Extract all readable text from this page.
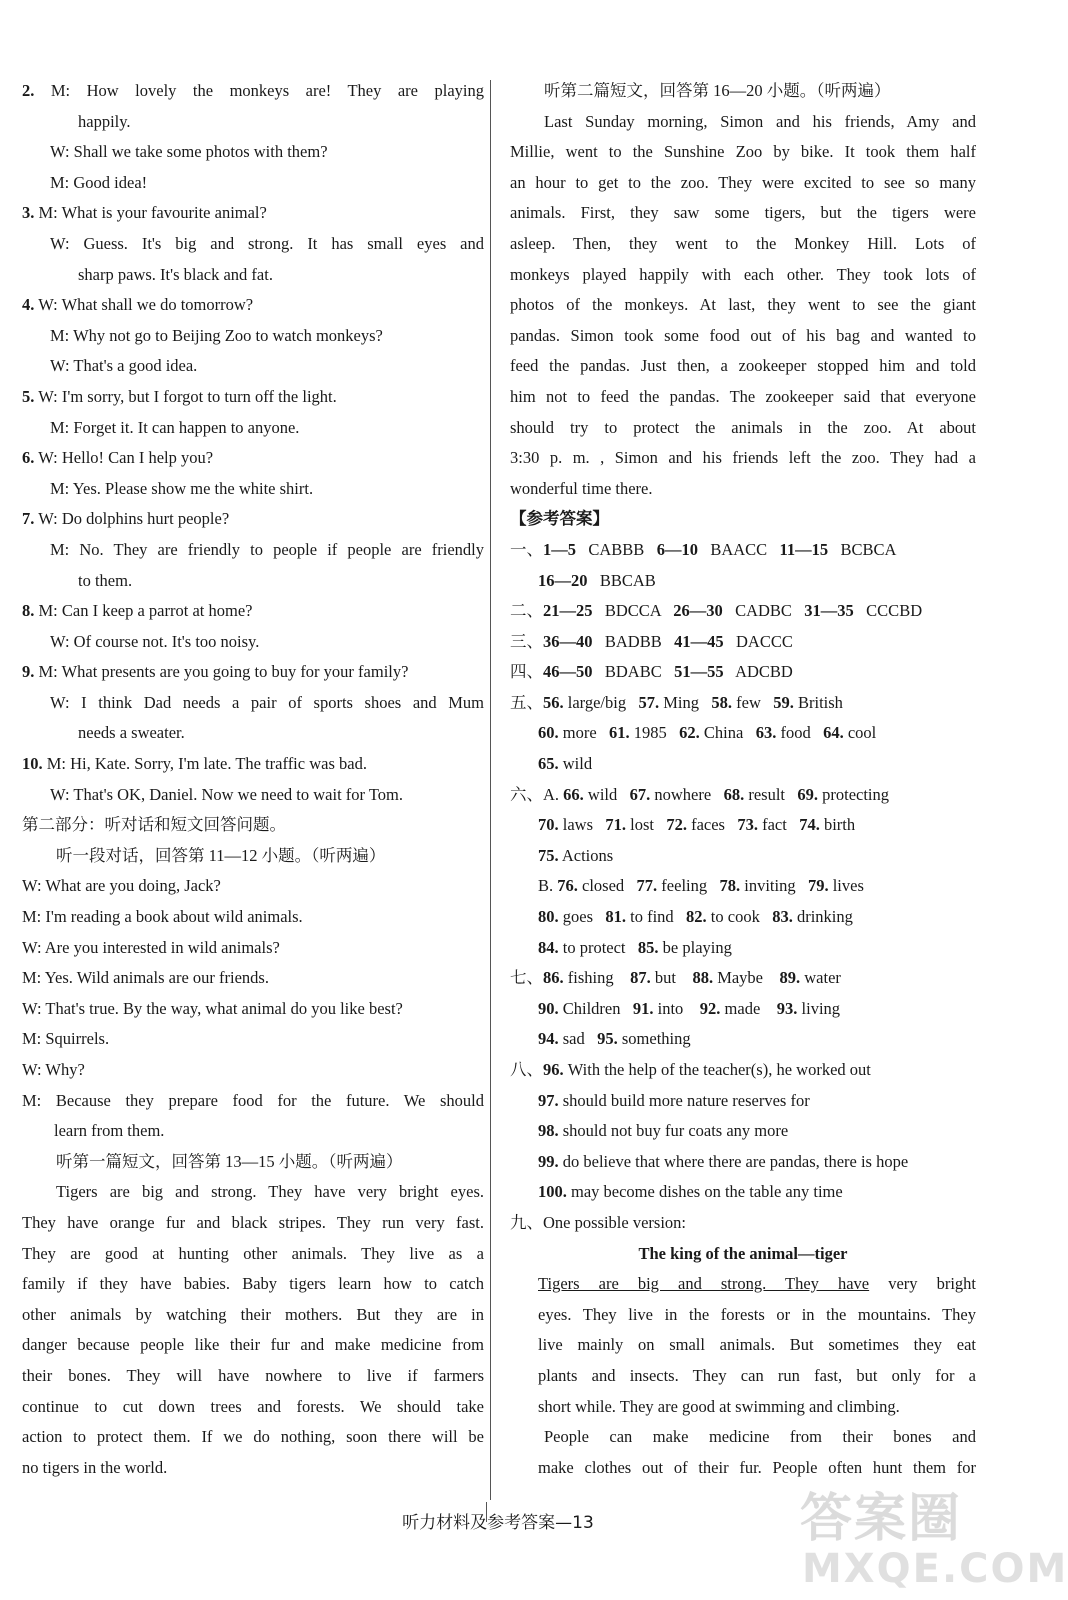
2. M: How lovely the monkeys are! They are playing
happily.
W: Shall we take some photos with them?
M: Good idea!
3. M: What is your favourite animal?
W: Guess. It's big and strong. It has small eyes and
sharp paws. It's black and fat.
4. W: What shall we do tomorrow?
M: Why not go to Beijing Zoo to watch monkeys?
W: That's a good idea.
5. W: I'm sorry, but I forgot to turn off the light.
M: Forget it. It can happen to anyone.
6. W: Hello! Can I help you?
M: Yes. Please show me the white shirt.
7. W: Do dolphins hurt people?
M: No. They are friendly to people if people are friendly
to them.
8. M: Can I keep a parrot at home?
W: Of course not. It's too noisy.
9. M: What presents are you going to buy for your family?
W: I think Dad needs a pair of sports shoes and Mum
needs a sweater.
10. M: Hi, Kate. Sorry, I'm late. The traffic was bad.
W: That's OK, Daniel. Now we need to wait for Tom.
第二部分：听对话和短文回答问题。
听一段对话，回答第 11—12 小题。（听两遍）
W: What are you doing, Jack?
M: I'm reading a book about wild animals.
W: Are you interested in wild animals?
M: Yes. Wild animals are our friends.
W: That's true. By the way, what animal do you like best?
M: Squirrels.
W: Why?
M: Because they prepare food for the future. We should
learn from them.
听第一篇短文，回答第 13—15 小题。（听两遍）
Tigers are big and strong. They have very bright eyes.
They have orange fur and black stripes. They run very fast.
They are good at hunting other animals. They live as a
family if they have babies. Baby tigers learn how to catch
other animals by watching their mothers. But they are in
danger because people like their fur and make medicine from
their bones. They will have nowhere to live if farmers
continue to cut down trees and forests. We should take
action to protect them. If we do nothing, soon there will be
no tigers in the world.
听第二篇短文，回答第 16—20 小题。（听两遍）
Last Sunday morning, Simon and his friends, Amy and
Millie, went to the Sunshine Zoo by bike. It took them half
an hour to get to the zoo. They were excited to see so many
animals. First, they saw some tigers, but the tigers were
asleep. Then, they went to the Monkey Hill. Lots of
monkeys played happily with each other. They took lots of
photos of the monkeys. At last, they went to see the giant
pandas. Simon took some food out of his bag and wanted to
feed the pandas. Just then, a zookeeper stopped him and told
him not to feed the pandas. The zookeeper said that everyone
should try to protect the animals in the zoo. At about
3:30 p. m. , Simon and his friends left the zoo. They had a
wonderful time there.
【参考答案】
一、1—5   CABBB   6—10   BAACC   11—15   BCBCA
16—20   BBCAB
二、21—25   BDCCA   26—30   CADBC   31—35   CCCBD
三、36—40   BADBB   41—45   DACCC
四、46—50   BDABC   51—55   ADCBD
五、56. large/big   57. Ming   58. few   59. British
60. more   61. 1985   62. China   63. food   64. cool
65. wild
六、A. 66. wild   67. nowhere   68. result   69. protecting
70. laws   71. lost   72. faces   73. fact   74. birth
75. Actions
B. 76. closed   77. feeling   78. inviting   79. lives
80. goes   81. to find   82. to cook   83. drinking
84. to protect   85. be playing
七、86. fishing    87. but    88. Maybe    89. water
90. Children   91. into    92. made    93. living
94. sad   95. something
八、96. With the help of the teacher(s), he worked out
97. should build more nature reserves for
98. should not buy fur coats any more
99. do believe that where there are pandas, there is hope
100. may become dishes on the table any time
九、One possible version:
The king of the animal—tiger
Tigers are big and strong. They have very bright
eyes. They live in the forests or in the mountains. They
live mainly on small animals. But sometimes they eat
plants and insects. They can run fast, but only for a
short while. They are good at swimming and climbing.
People can make medicine from their bones and
make clothes out of their fur. People often hunt them for
听力材料及参考答案—13	答案圈
MXQE.COM
